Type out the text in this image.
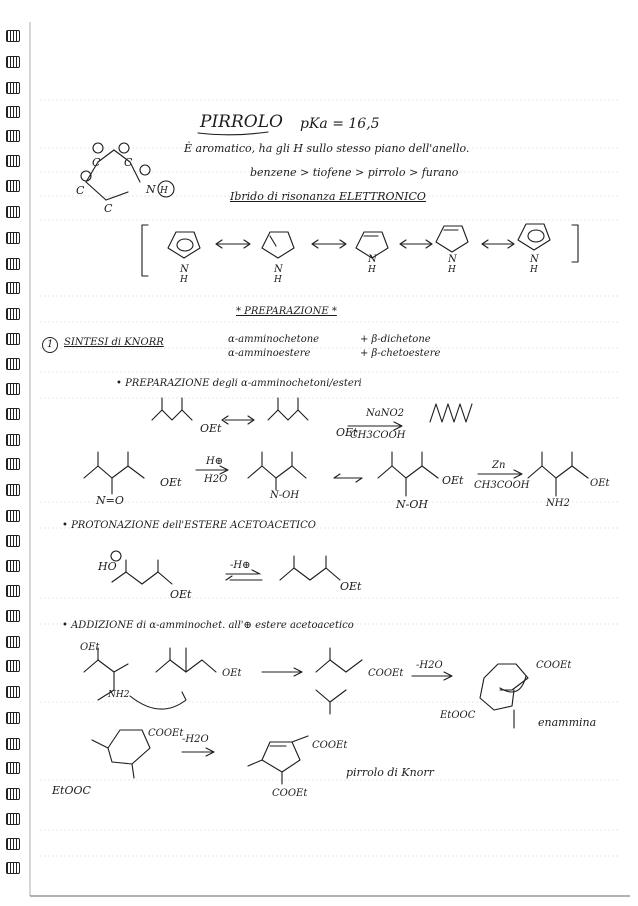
C C
C
C
N H
N
H
N
H
N
H
N
H
N
H
OEt	OEt
OEt
OEt
HO
PIRROLO pKa = 16,5
È aromatico, ha gli H sullo stesso piano dell'anello.
benzene > tiofene > pirrolo > furano
Ibrido di risonanza ELETTRONICO
* PREPARAZIONE *
1	SINTESI di KNORR	α-amminochetone	+ β-dichetone
α-amminoestere	+ β-chetoestere
• PREPARAZIONE degli α-amminochetoni/esteri
NaNO2
CH3COOH
H⊕
H2O
OEt
N=O	N-OH
OEt
N-OH
Zn
CH3COOH	OEt
NH2
• PROTONAZIONE dell'ESTERE ACETOACETICO
-H⊕
• ADDIZIONE di α-amminochet. all'⊕ estere acetoacetico
OEt
NH2
OEt	COOEt
-H2O	COOEt
EtOOC
enammina
COOEt
-H2O
COOEt
EtOOC	COOEt
pirrolo di Knorr
